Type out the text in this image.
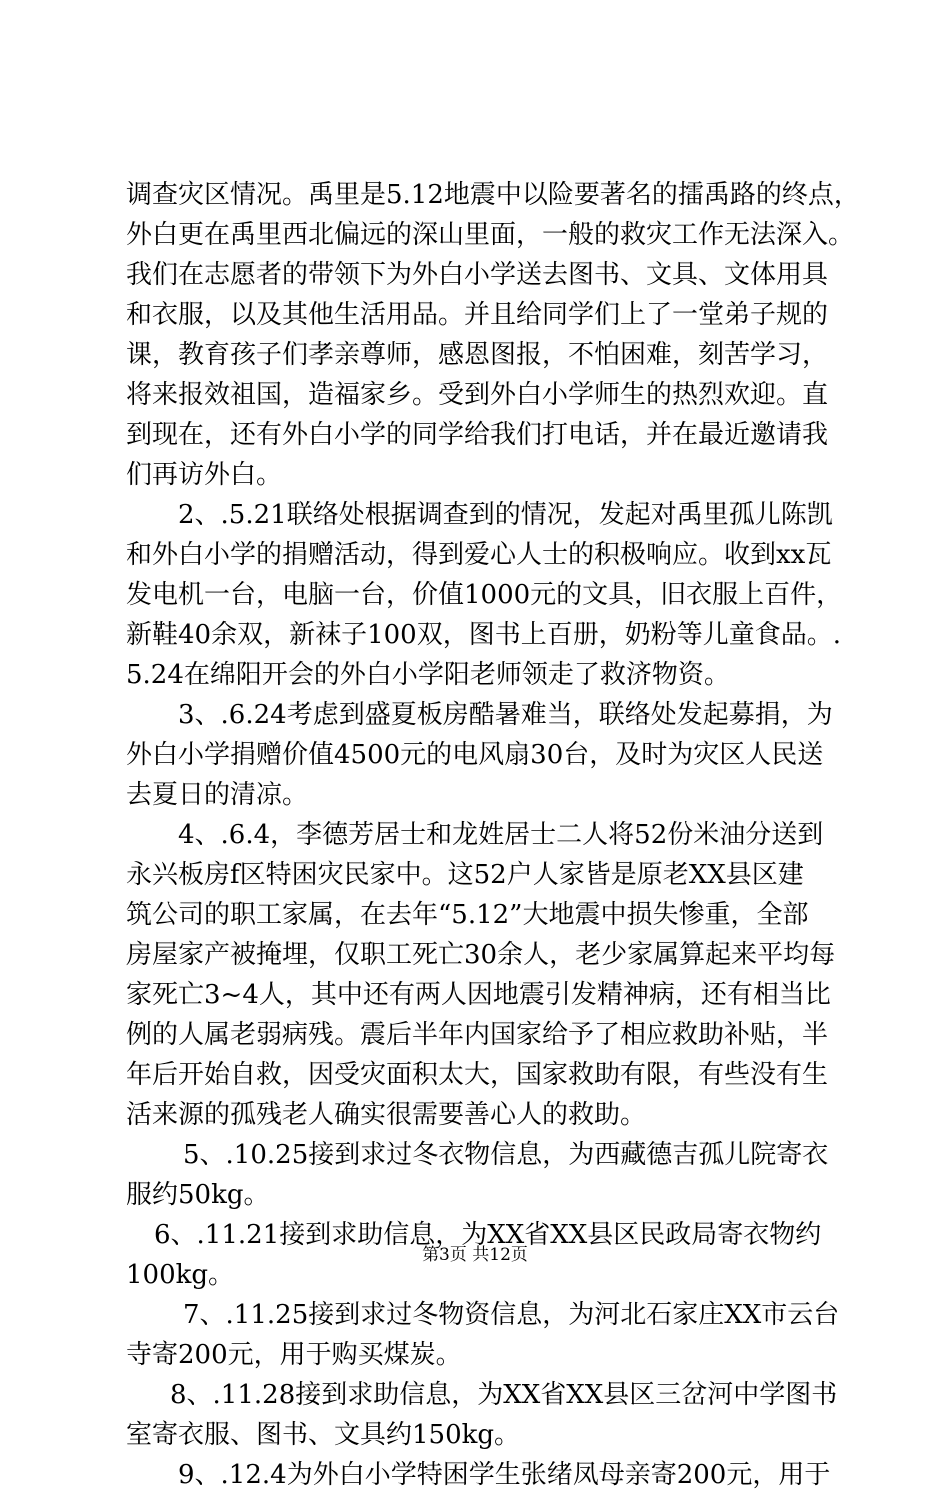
调查灾区情况。禹里是5.12地震中以险要著名的擂禹路的终点，
外白更在禹里西北偏远的深山里面，一般的救灾工作无法深入。
我们在志愿者的带领下为外白小学送去图书、文具、文体用具
和衣服，以及其他生活用品。并且给同学们上了一堂弟子规的
课，教育孩子们孝亲尊师，感恩图报，不怕困难，刻苦学习，
将来报效祖国，造福家乡。受到外白小学师生的热烈欢迎。直
到现在，还有外白小学的同学给我们打电话，并在最近邀请我
们再访外白。

2、.5.21联络处根据调查到的情况，发起对禹里孤儿陈凯
和外白小学的捐赠活动，得到爱心人士的积极响应。收到xx瓦
发电机一台，电脑一台，价值1000元的文具，旧衣服上百件，
新鞋40余双，新袜子100双，图书上百册，奶粉等儿童食品。.
5.24在绵阳开会的外白小学阳老师领走了救济物资。

3、.6.24考虑到盛夏板房酷暑难当，联络处发起募捐，为
外白小学捐赠价值4500元的电风扇30台，及时为灾区人民送
去夏日的清凉。

4、.6.4，李德芳居士和龙姓居士二人将52份米油分送到
永兴板房f区特困灾民家中。这52户人家皆是原老XX县区建
筑公司的职工家属，在去年“5.12”大地震中损失惨重，全部
房屋家产被掩埋，仅职工死亡30余人，老少家属算起来平均每
家死亡3~4人，其中还有两人因地震引发精神病，还有相当比
例的人属老弱病残。震后半年内国家给予了相应救助补贴，半
年后开始自救，因受灾面积太大，国家救助有限，有些没有生
活来源的孤残老人确实很需要善心人的救助。

5、.10.25接到求过冬衣物信息，为西藏德吉孤儿院寄衣
服约50kg。

6、.11.21接到求助信息，为XX省XX县区民政局寄衣物约
100kg。

7、.11.25接到求过冬物资信息，为河北石家庄XX市云台
寺寄200元，用于购买煤炭。

8、.11.28接到求助信息，为XX省XX县区三岔河中学图书
室寄衣服、图书、文具约150kg。

9、.12.4为外白小学特困学生张绪凤母亲寄200元，用于

第3页 共12页
